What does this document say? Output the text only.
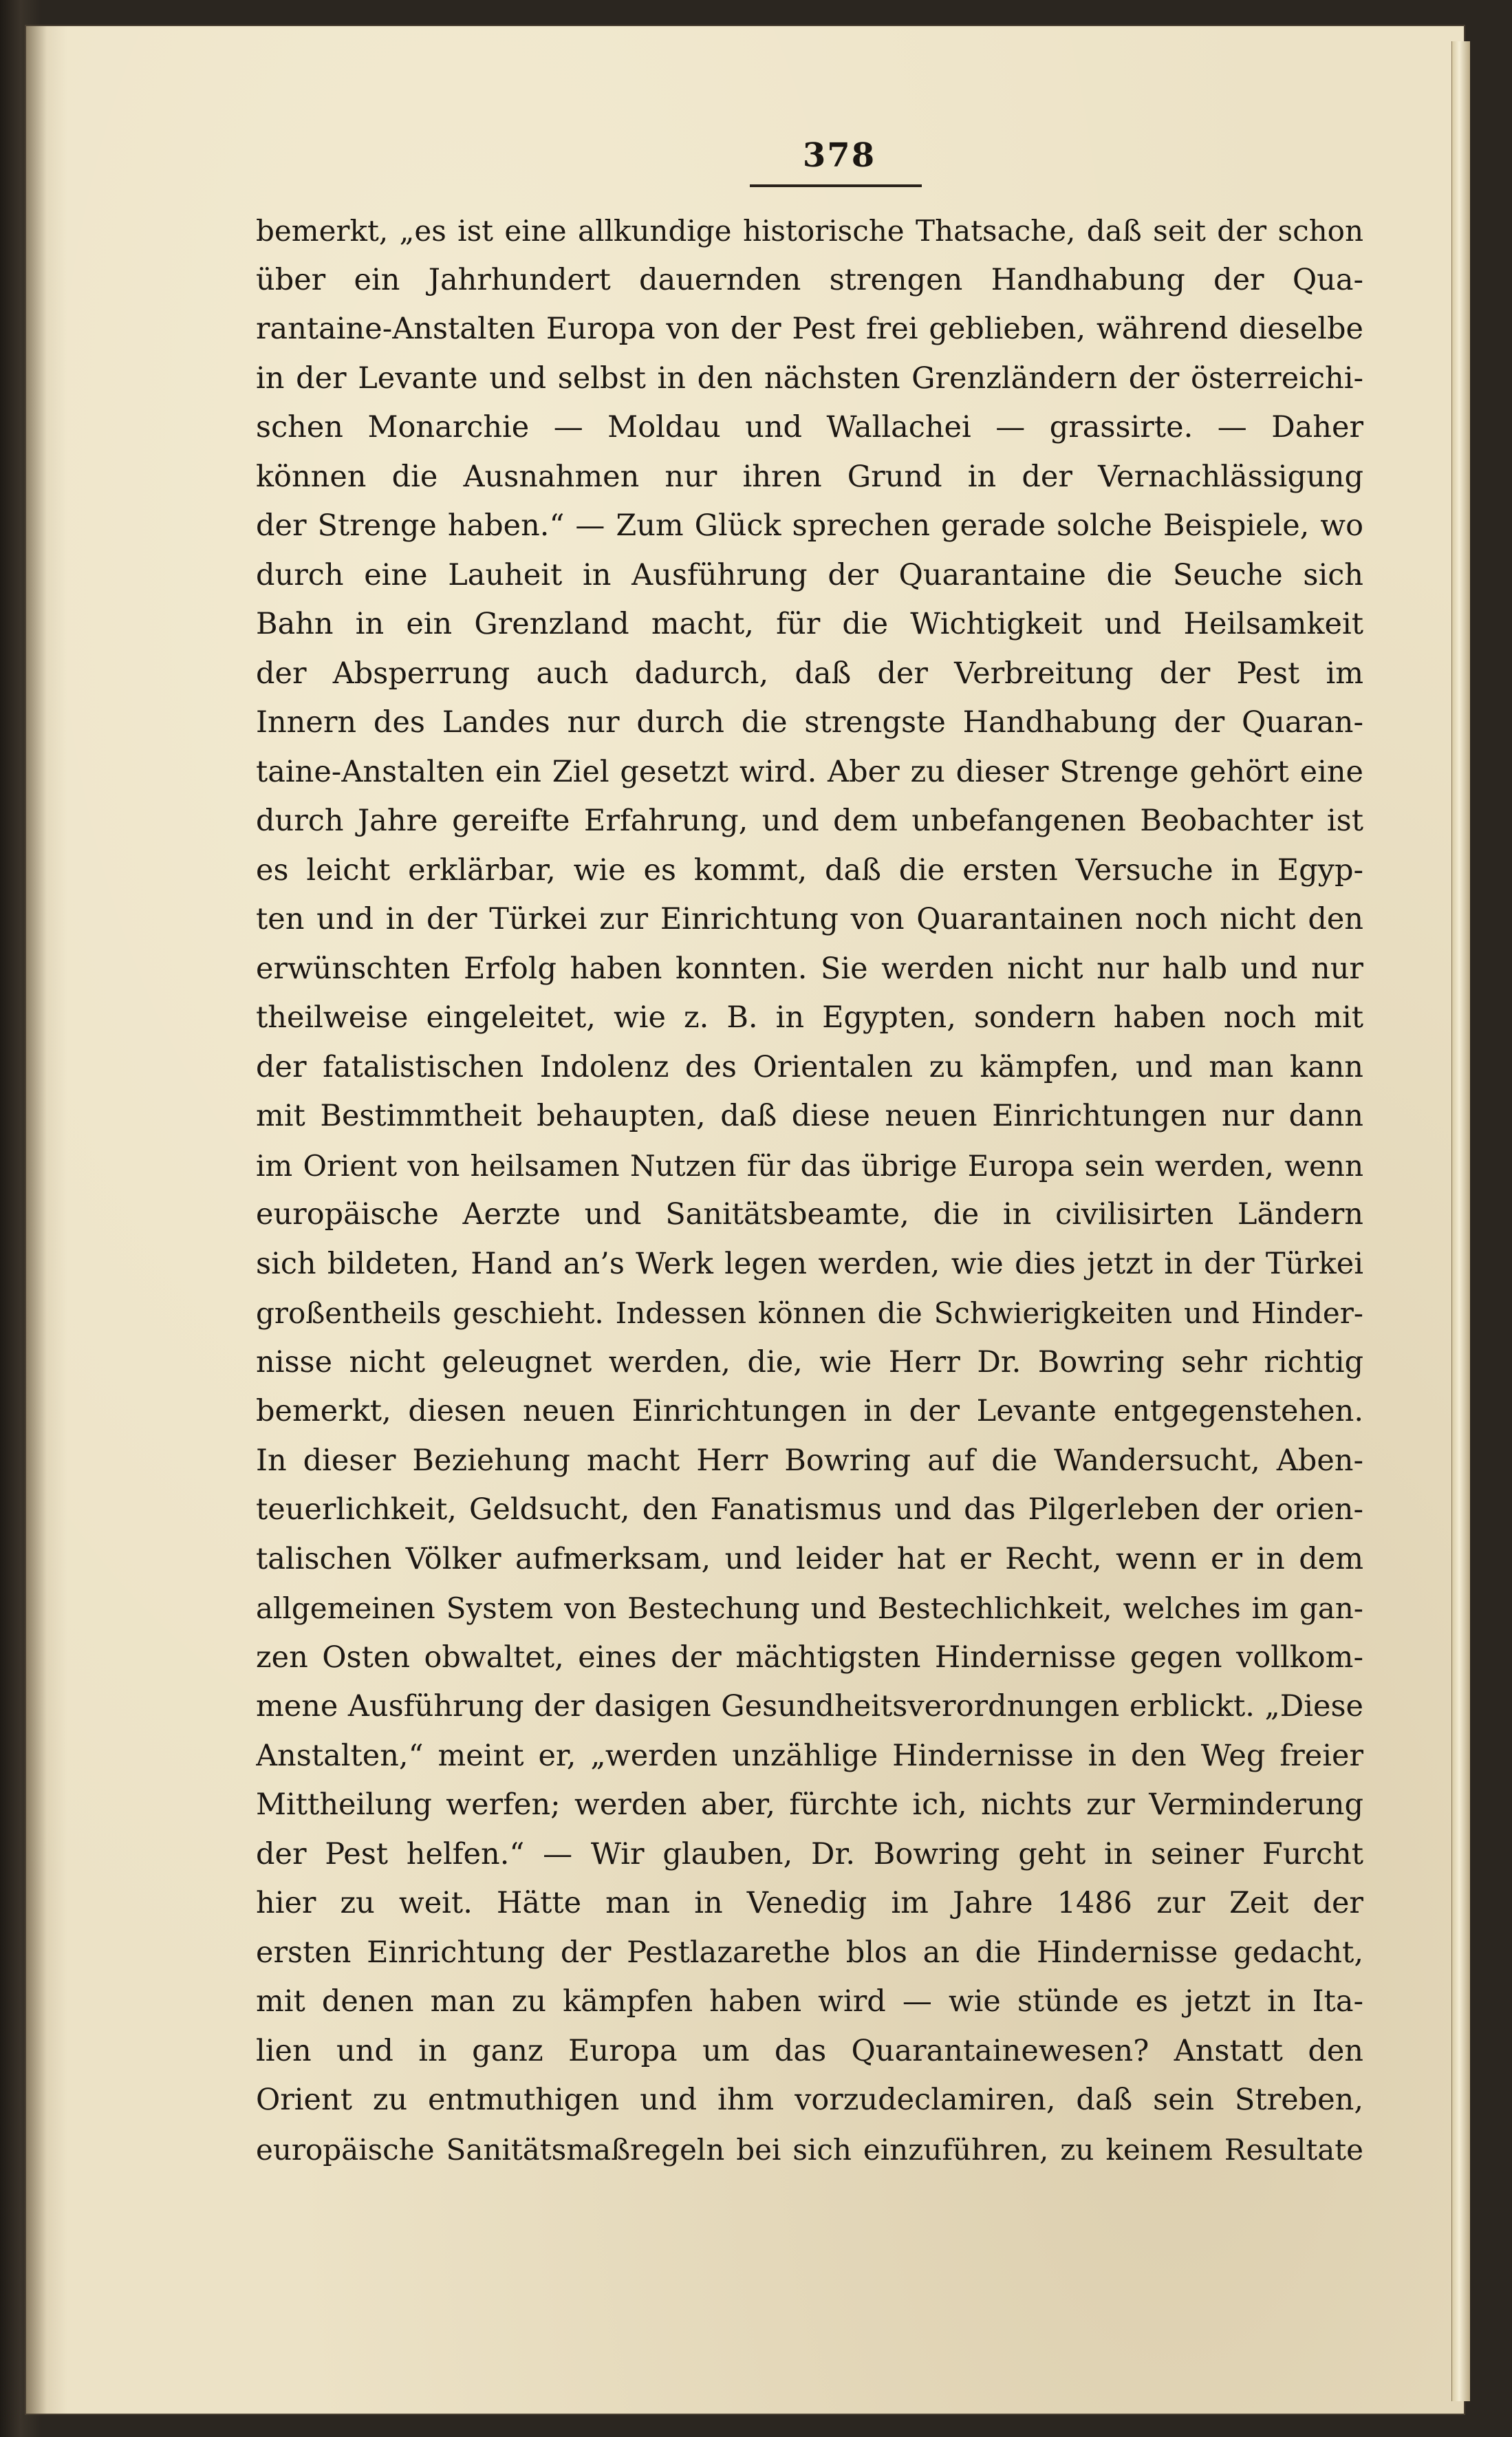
378
bemerkt, „es ist eine allkundige historische Thatsache, daß seit der schon
über ein Jahrhundert dauernden strengen Handhabung der Qua-
rantaine-Anstalten Europa von der Pest frei geblieben, während dieselbe
in der Levante und selbst in den nächsten Grenzländern der österreichi-
schen Monarchie — Moldau und Wallachei — grassirte. — Daher
können die Ausnahmen nur ihren Grund in der Vernachlässigung
der Strenge haben.“ — Zum Glück sprechen gerade solche Beispiele, wo
durch eine Lauheit in Ausführung der Quarantaine die Seuche sich
Bahn in ein Grenzland macht, für die Wichtigkeit und Heilsamkeit
der Absperrung auch dadurch, daß der Verbreitung der Pest im
Innern des Landes nur durch die strengste Handhabung der Quaran-
taine-Anstalten ein Ziel gesetzt wird. Aber zu dieser Strenge gehört eine
durch Jahre gereifte Erfahrung, und dem unbefangenen Beobachter ist
es leicht erklärbar, wie es kommt, daß die ersten Versuche in Egyp-
ten und in der Türkei zur Einrichtung von Quarantainen noch nicht den
erwünschten Erfolg haben konnten. Sie werden nicht nur halb und nur
theilweise eingeleitet, wie z. B. in Egypten, sondern haben noch mit
der fatalistischen Indolenz des Orientalen zu kämpfen, und man kann
mit Bestimmtheit behaupten, daß diese neuen Einrichtungen nur dann
im Orient von heilsamen Nutzen für das übrige Europa sein werden, wenn
europäische Aerzte und Sanitätsbeamte, die in civilisirten Ländern
sich bildeten, Hand an’s Werk legen werden, wie dies jetzt in der Türkei
großentheils geschieht. Indessen können die Schwierigkeiten und Hinder-
nisse nicht geleugnet werden, die, wie Herr Dr. Bowring sehr richtig
bemerkt, diesen neuen Einrichtungen in der Levante entgegenstehen.
In dieser Beziehung macht Herr Bowring auf die Wandersucht, Aben-
teuerlichkeit, Geldsucht, den Fanatismus und das Pilgerleben der orien-
talischen Völker aufmerksam, und leider hat er Recht, wenn er in dem
allgemeinen System von Bestechung und Bestechlichkeit, welches im gan-
zen Osten obwaltet, eines der mächtigsten Hindernisse gegen vollkom-
mene Ausführung der dasigen Gesundheitsverordnungen erblickt. „Diese
Anstalten,“ meint er, „werden unzählige Hindernisse in den Weg freier
Mittheilung werfen; werden aber, fürchte ich, nichts zur Verminderung
der Pest helfen.“ — Wir glauben, Dr. Bowring geht in seiner Furcht
hier zu weit. Hätte man in Venedig im Jahre 1486 zur Zeit der
ersten Einrichtung der Pestlazarethe blos an die Hindernisse gedacht,
mit denen man zu kämpfen haben wird — wie stünde es jetzt in Ita-
lien und in ganz Europa um das Quarantainewesen? Anstatt den
Orient zu entmuthigen und ihm vorzudeclamiren, daß sein Streben,
europäische Sanitätsmaßregeln bei sich einzuführen, zu keinem Resultate
